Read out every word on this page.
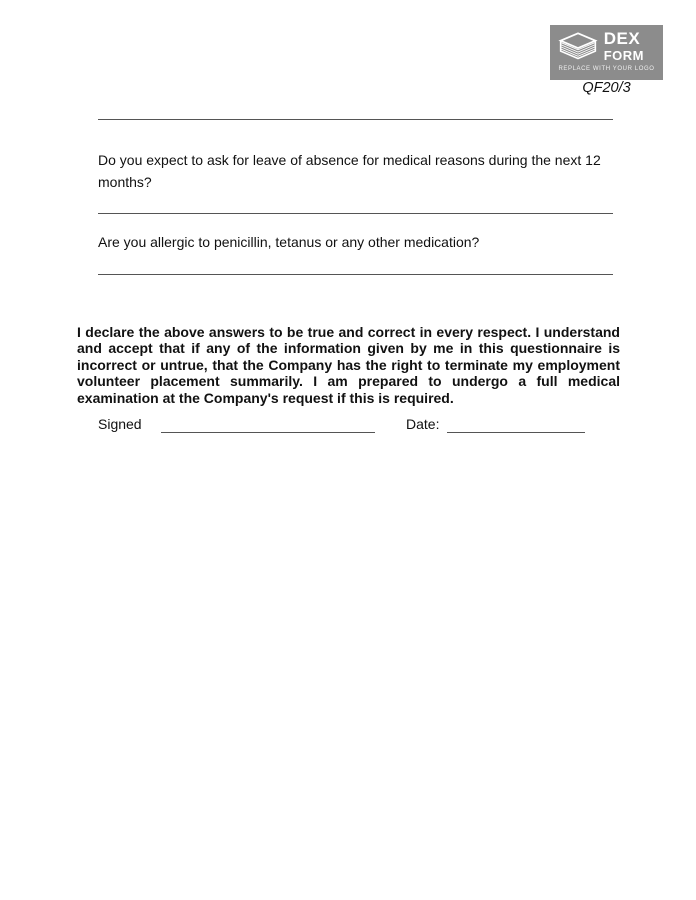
DEX
FORM
REPLACE WITH YOUR LOGO
QF20/3

Do you expect to ask for leave of absence for medical reasons during the next 12 months?

Are you allergic to penicillin, tetanus or any other medication?

I declare the above answers to be true and correct in every respect. I understand and accept that if any of the information given by me in this questionnaire is incorrect or untrue, that the Company has the right to terminate my employment volunteer placement summarily. I am prepared to undergo a full medical examination at the Company's request if this is required.

Signed	Date:
